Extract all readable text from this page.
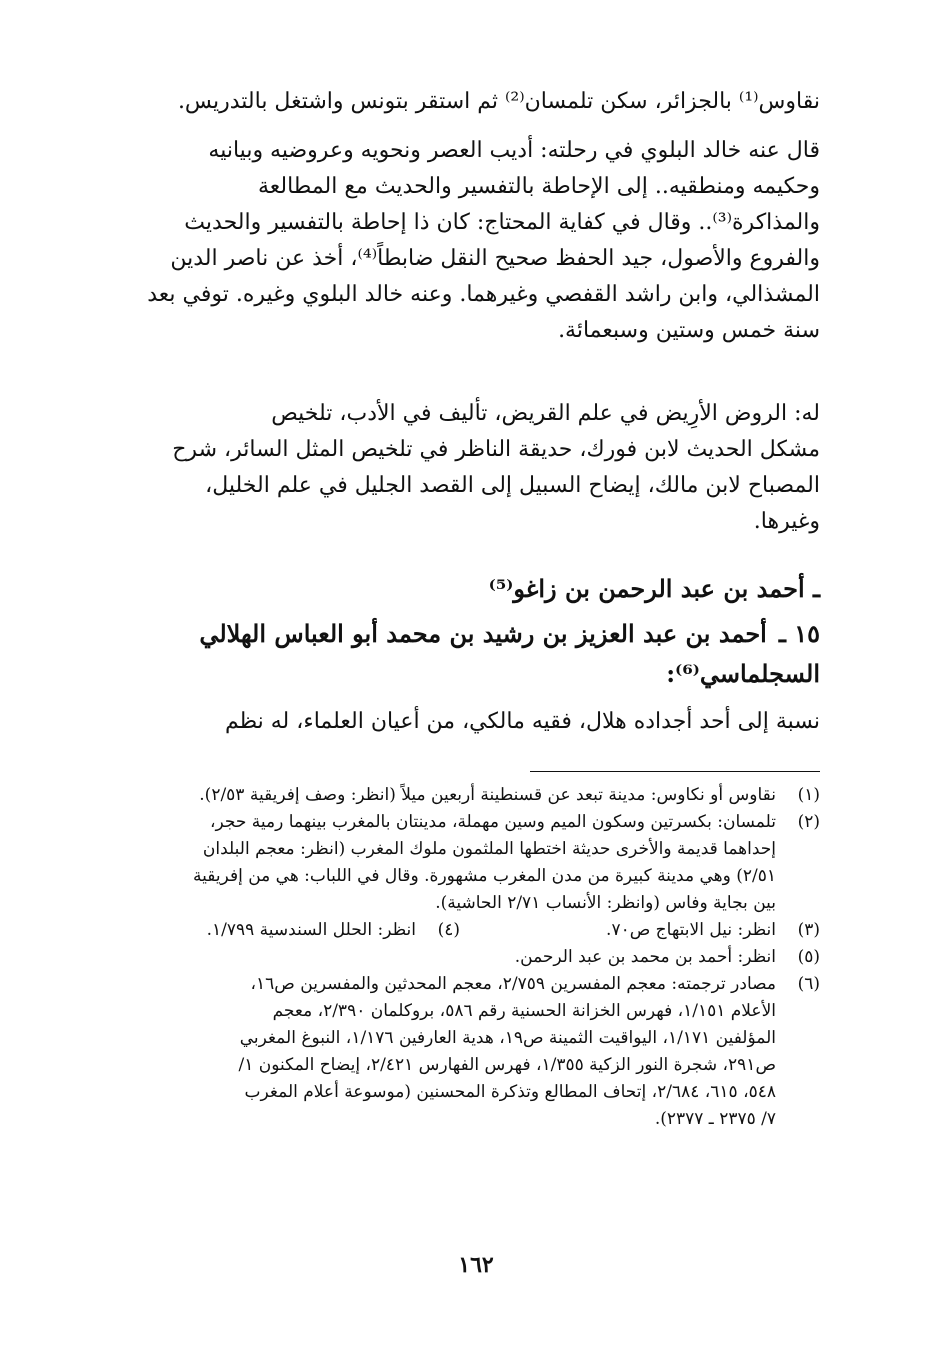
نقاوس⁽¹⁾ بالجزائر، سكن تلمسان⁽²⁾ ثم استقر بتونس واشتغل بالتدريس.
قال عنه خالد البلوي في رحلته: أديب العصر ونحويه وعروضيه وبيانيه
وحكيمه ومنطقيه.. إلى الإحاطة بالتفسير والحديث مع المطالعة
والمذاكرة⁽³⁾.. وقال في كفاية المحتاج: كان ذا إحاطة بالتفسير والحديث
والفروع والأصول، جيد الحفظ صحيح النقل ضابطاً⁽⁴⁾، أخذ عن ناصر الدين
المشذالي، وابن راشد القفصي وغيرهما. وعنه خالد البلوي وغيره. توفي بعد
سنة خمس وستين وسبعمائة.
له: الروض الأرِيض في علم القريض، تأليف في الأدب، تلخيص
مشكل الحديث لابن فورك، حديقة الناظر في تلخيص المثل السائر، شرح
المصباح لابن مالك، إيضاح السبيل إلى القصد الجليل في علم الخليل،
وغيرها.
ـ أحمد بن عبد الرحمن بن زاغو⁽⁵⁾
١٥ ـأحمد بن عبد العزيز بن رشيد بن محمد أبو العباس الهلالي
السجلماسي⁽⁶⁾:
نسبة إلى أحد أجداده هلال، فقيه مالكي، من أعيان العلماء، له نظم
(١)
نقاوس أو نكاوس: مدينة تبعد عن قسنطينة أربعين ميلاً (انظر: وصف إفريقية ٢/٥٣).
(٢)
تلمسان: بكسرتين وسكون الميم وسين مهملة، مدينتان بالمغرب بينهما رمية حجر،
إحداهما قديمة والأخرى حديثة اختطها الملثمون ملوك المغرب (انظر: معجم البلدان
٢/٥١) وهي مدينة كبيرة من مدن المغرب مشهورة. وقال في اللباب: هي من إفريقية
بين بجاية وفاس (وانظر: الأنساب ٢/٧١ الحاشية).
(٣)
انظر: نيل الابتهاج ص٧٠.
(٤)
انظر: الحلل السندسية ١/٧٩٩.
(٥)
انظر: أحمد بن محمد بن عبد الرحمن.
(٦)
مصادر ترجمته: معجم المفسرين ٢/٧٥٩، معجم المحدثين والمفسرين ص١٦،
الأعلام ١/١٥١، فهرس الخزانة الحسنية رقم ٥٨٦، بروكلمان ٢/٣٩٠، معجم
المؤلفين ١/١٧١، اليواقيت الثمينة ص١٩، هدية العارفين ١/١٧٦، النبوغ المغربي
ص٢٩١، شجرة النور الزكية ١/٣٥٥، فهرس الفهارس ٢/٤٢١، إيضاح المكنون ١/
٥٤٨، ٦١٥، ٢/٦٨٤، إتحاف المطالع وتذكرة المحسنين (موسوعة أعلام المغرب
٧/ ٢٣٧٥ ـ ٢٣٧٧).
١٦٢
